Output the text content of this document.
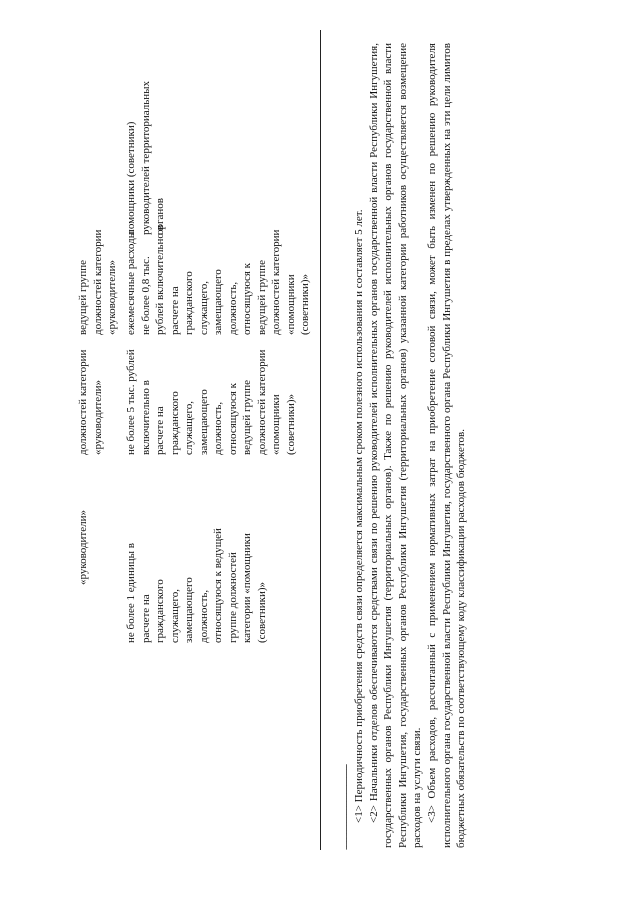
«руководители»
не более 1 единицы в
расчете на
гражданского
служащего,
замещающего
должность,
относящуюся к ведущей
группе должностей
категории «помощники
(советники)»
должностей категории
«руководители» не более 5 тыс. рублей
включительно в
расчете на
гражданского
служащего,
замещающего
должность,
относящуюся к
ведущей группе
должностей категории
«помощники
(советники)»
ведущей группе
должностей категории
«руководители» ежемесячные расходы
не более 0,8 тыс.
рублей включительно в
расчете на
гражданского
служащего,
замещающего
должность,
относящуюся к
ведущей группе
должностей категории
«помощники
(советники)»
помощники (советники)
руководителей территориальных
органов
-------------------------------- <1> Периодичность приобретения средств связи определяется максимальным сроком полезного использования и составляет 5 лет. <2> Начальники отделов обеспечиваются средствами связи по решению руководителей исполнительных органов государственной власти Республики Ингушетия, государственных органов Республики Ингушетия (территориальных органов). Также по решению руководителей исполнительных органов государственной власти Республики Ингушетия, государственных органов Республики Ингушетия (территориальных органов) указанной категории работников осуществляется возмещение расходов на услуги связи. <3> Объем расходов, рассчитанный с применением нормативных затрат на приобретение сотовой связи, может быть изменен по решению руководителя исполнительного органа государственной власти Республики Ингушетия, государственного органа Республики Ингушетия в пределах утвержденных на эти цели лимитов бюджетных обязательств по соответствующему коду классификации расходов бюджетов.
